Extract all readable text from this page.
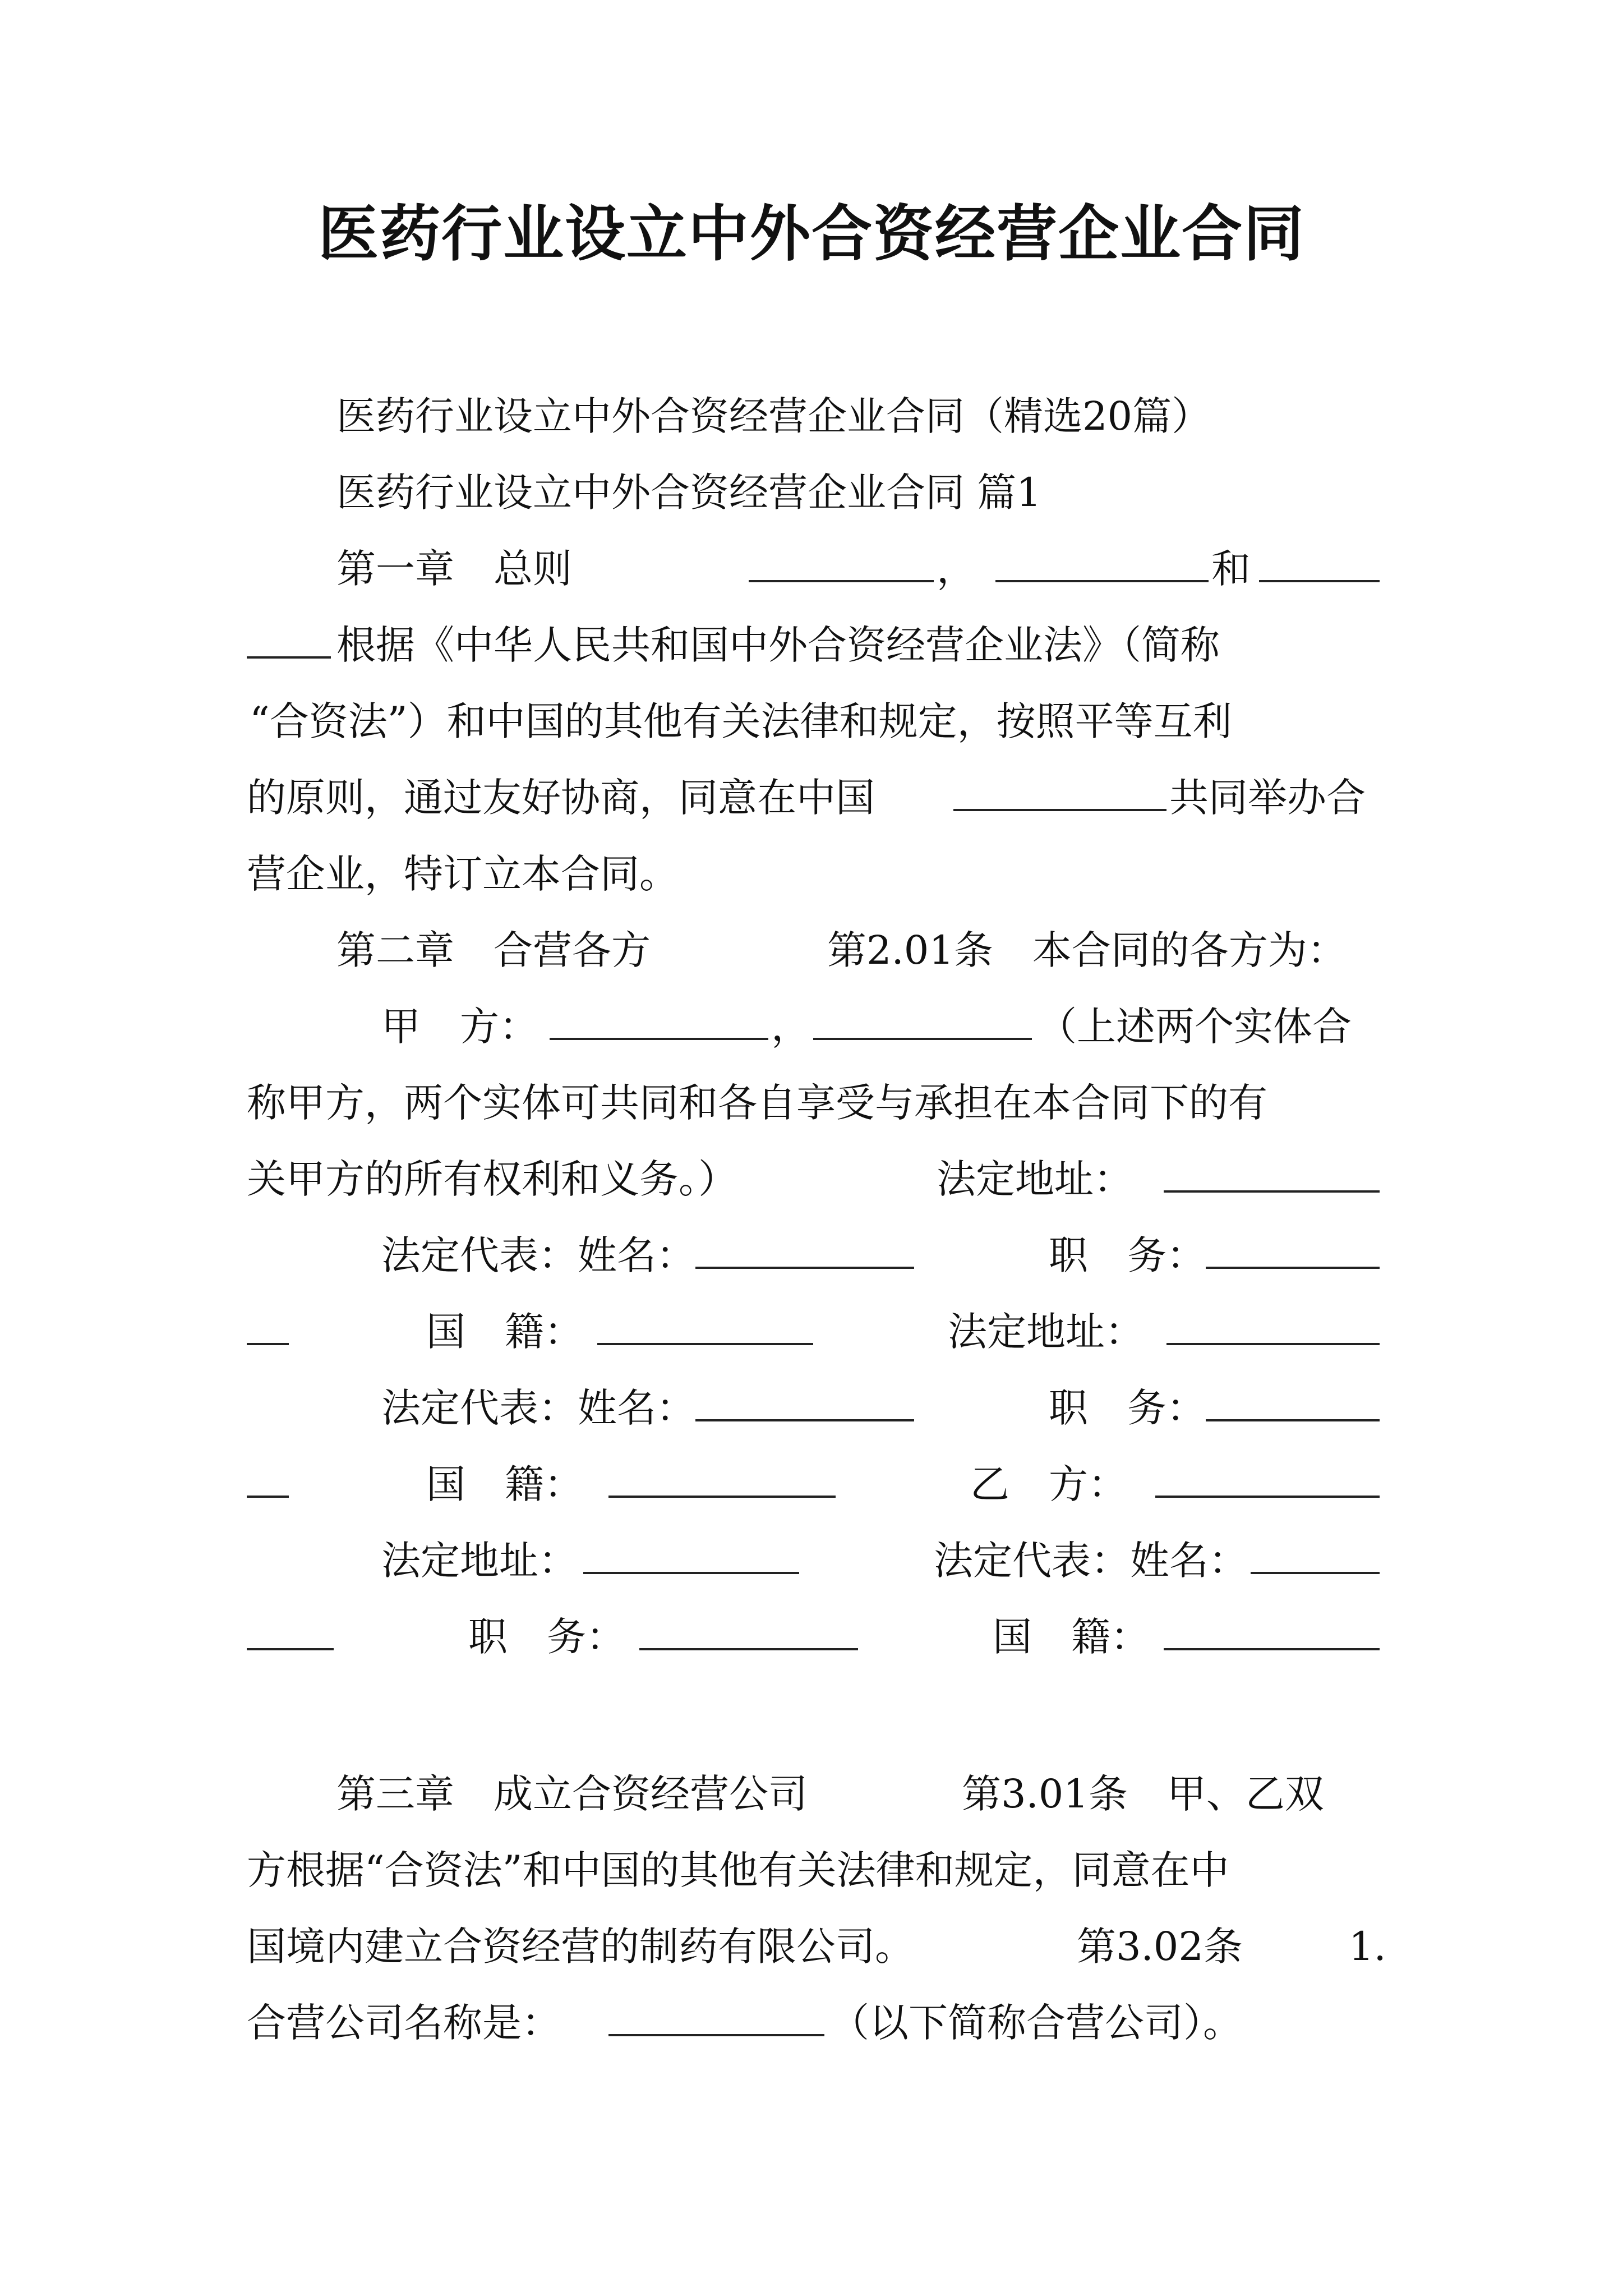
医药行业设立中外合资经营企业合同
医药行业设立中外合资经营企业合同（精选20篇）
医药行业设立中外合资经营企业合同 篇1
第一章　总则	，	和
根据《中华人民共和国中外合资经营企业法》（简称
“合资法”）和中国的其他有关法律和规定，按照平等互利
的原则，通过友好协商，同意在中国	共同举办合
营企业，特订立本合同。
第二章　合营各方	第2.01条　本合同的各方为：
甲　方：	，	（上述两个实体合
称甲方，两个实体可共同和各自享受与承担在本合同下的有
关甲方的所有权利和义务。）	法定地址：
法定代表：姓名：	职　务：
国　籍：	法定地址：
法定代表：姓名：	职　务：
国　籍：	乙　方：
法定地址：	法定代表：姓名：
职　务：	国　籍：
第三章　成立合资经营公司	第3.01条　甲、乙双
方根据“合资法”和中国的其他有关法律和规定，同意在中
国境内建立合资经营的制药有限公司。	第3.02条	1.
合营公司名称是：	（以下简称合营公司）。
